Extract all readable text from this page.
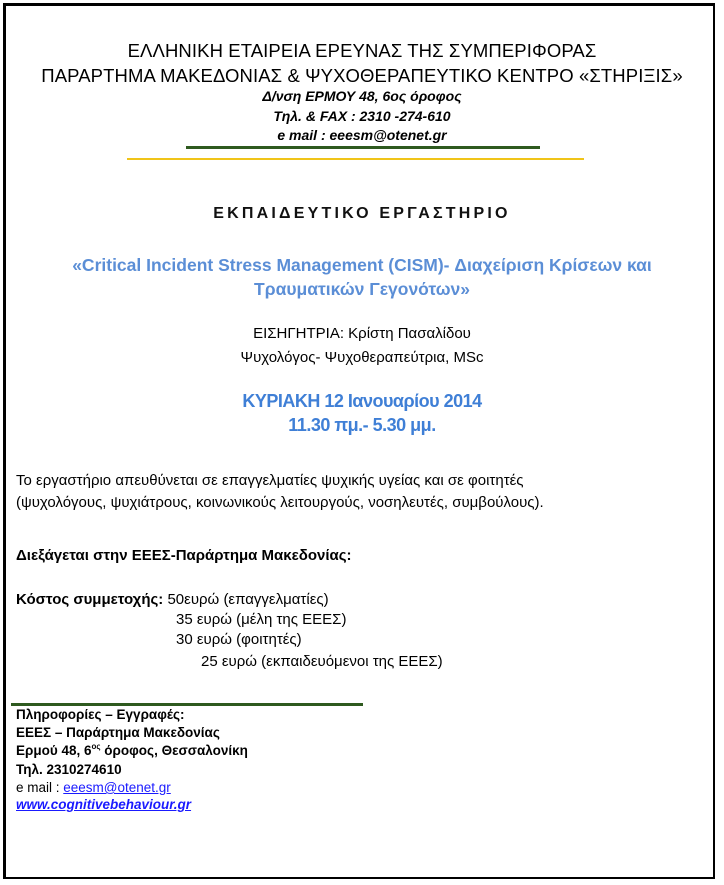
ΕΛΛΗΝΙΚΗ ΕΤΑΙΡΕΙΑ ΕΡΕΥΝΑΣ ΤΗΣ ΣΥΜΠΕΡΙΦΟΡΑΣ
ΠΑΡΑΡΤΗΜΑ ΜΑΚΕΔΟΝΙΑΣ & ΨΥΧΟΘΕΡΑΠΕΥΤΙΚΟ ΚΕΝΤΡΟ «ΣΤΗΡΙΞΙΣ»
Δ/νση ΕΡΜΟΥ 48, 6ος όροφος
Τηλ. & FAX : 2310 -274-610
e mail : eeesm@otenet.gr
ΕΚΠΑΙΔΕΥΤΙΚΟ ΕΡΓΑΣΤΗΡΙΟ
«Critical Incident Stress Management (CISM)- Διαχείριση Κρίσεων και
Τραυματικών Γεγονότων»
ΕΙΣΗΓΗΤΡΙΑ: Κρίστη Πασαλίδου
Ψυχολόγος- Ψυχοθεραπεύτρια, MSc
ΚΥΡΙΑΚΗ 12 Ιανουαρίου 2014
11.30 πμ.- 5.30 μμ.
Το εργαστήριο απευθύνεται σε επαγγελματίες ψυχικής υγείας και σε φοιτητές
(ψυχολόγους, ψυχιάτρους, κοινωνικούς λειτουργούς, νοσηλευτές, συμβούλους).
Διεξάγεται στην ΕΕΕΣ-Παράρτημα Μακεδονίας:
Κόστος συμμετοχής: 50ευρώ (επαγγελματίες)
35 ευρώ (μέλη της ΕΕΕΣ)
30 ευρώ (φοιτητές)
25 ευρώ (εκπαιδευόμενοι της ΕΕΕΣ)
Πληροφορίες – Εγγραφές:
ΕΕΕΣ – Παράρτημα Μακεδονίας
Ερμού 48, $6^{o\varsigma}$ όροφος, Θεσσαλονίκη
Τηλ. 2310274610
e mail : eeesm@otenet.gr
www.cognitivebehaviour.gr
